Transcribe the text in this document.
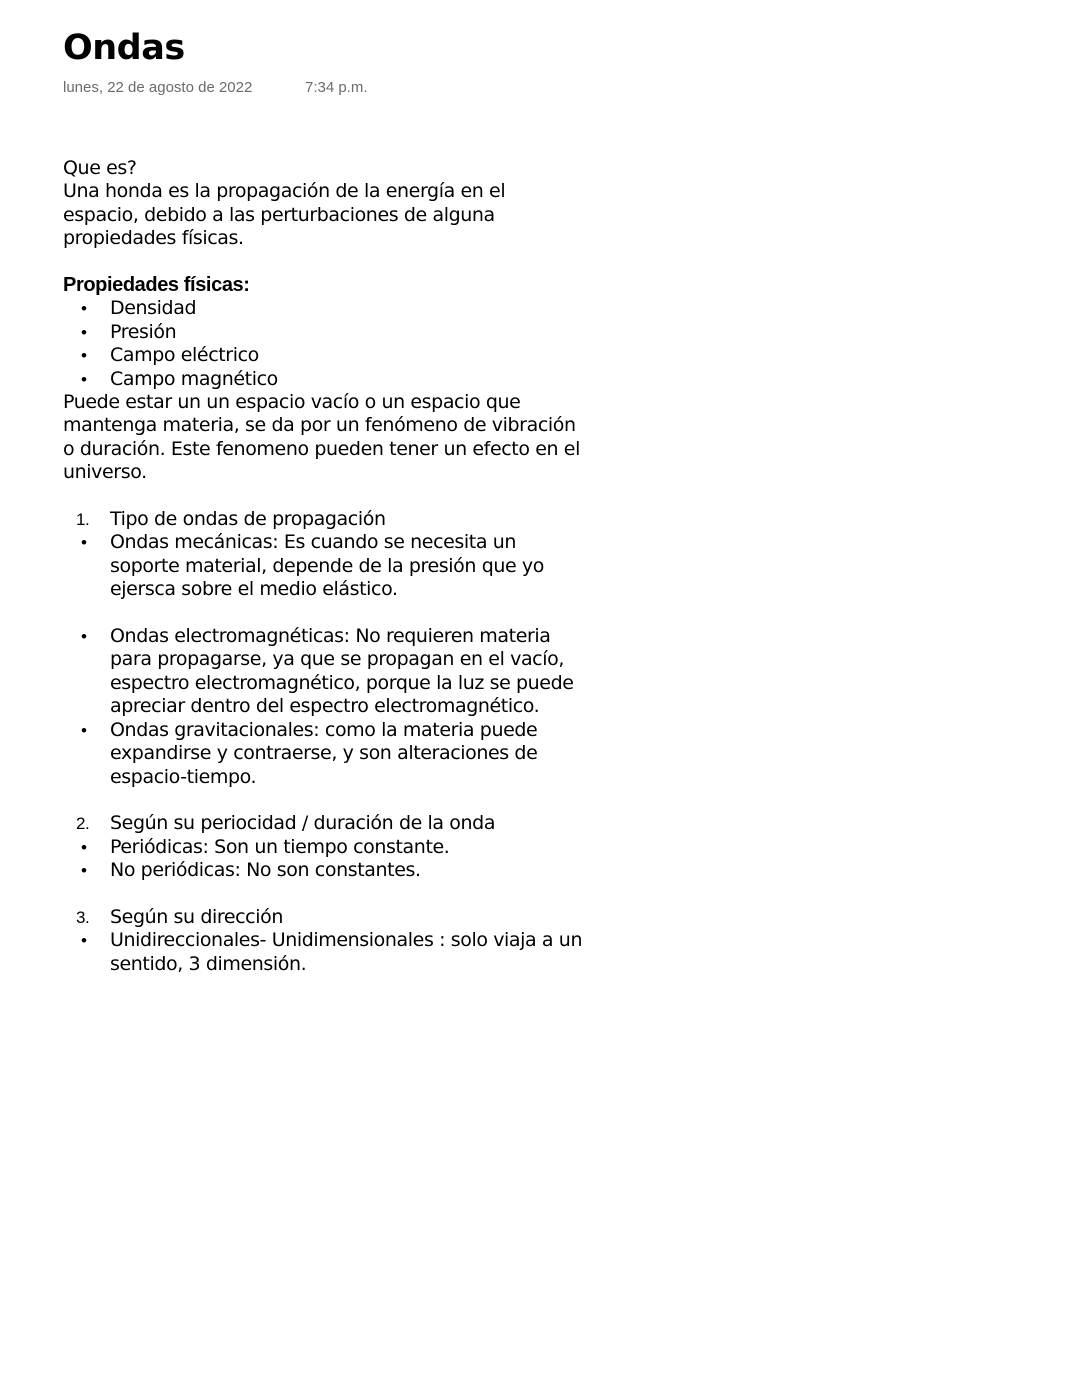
Ondas
lunes, 22 de agosto de 2022	7:34 p.m.
Que es?
Una honda es la propagación de la energía en el
espacio, debido a las perturbaciones de alguna
propiedades físicas.
Propiedades físicas:
• Densidad
• Presión
• Campo eléctrico
• Campo magnético
Puede estar un un espacio vacío o un espacio que
mantenga materia, se da por un fenómeno de vibración
o duración. Este fenomeno pueden tener un efecto en el
universo.
1. Tipo de ondas de propagación
• Ondas mecánicas: Es cuando se necesita un
soporte material, depende de la presión que yo
ejersca sobre el medio elástico.
• Ondas electromagnéticas: No requieren materia
para propagarse, ya que se propagan en el vacío,
espectro electromagnético, porque la luz se puede
apreciar dentro del espectro electromagnético.
• Ondas gravitacionales: como la materia puede
expandirse y contraerse, y son alteraciones de
espacio-tiempo.
2. Según su periocidad / duración de la onda
• Periódicas: Son un tiempo constante.
• No periódicas: No son constantes.
3. Según su dirección
• Unidireccionales- Unidimensionales : solo viaja a un
sentido, 3 dimensión.
